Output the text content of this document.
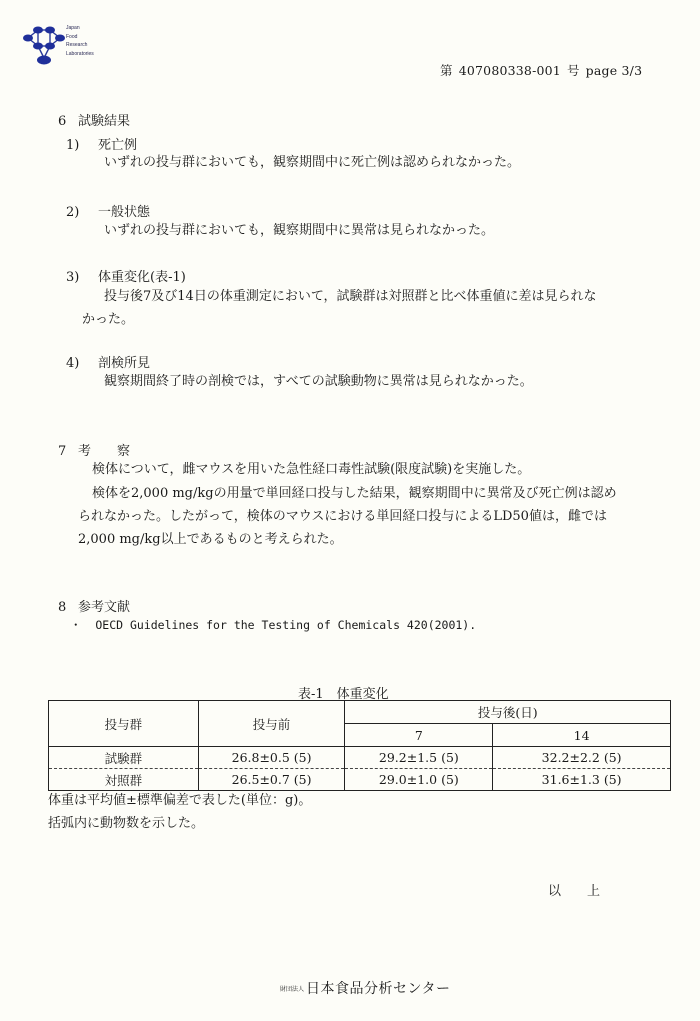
Japan
Food
Research
Laboratories
第 407080338-001 号 page 3/3
6 試験結果
1) 死亡例
いずれの投与群においても，観察期間中に死亡例は認められなかった。
2) 一般状態
いずれの投与群においても，観察期間中に異常は見られなかった。
3) 体重変化(表-1)
投与後7及び14日の体重測定において，試験群は対照群と比べ体重値に差は見られな
かった。
4) 剖検所見
観察期間終了時の剖検では，すべての試験動物に異常は見られなかった。
7 考　　察
検体について，雌マウスを用いた急性経口毒性試験(限度試験)を実施した。
検体を2,000 mg/kgの用量で単回経口投与した結果，観察期間中に異常及び死亡例は認め
られなかった。したがって，検体のマウスにおける単回経口投与によるLD50値は，雌では
2,000 mg/kg以上であるものと考えられた。
8 参考文献
・ OECD Guidelines for the Testing of Chemicals 420(2001).
表-1　体重変化
投与群	投与前	投与後(日)	
		7	14
試験群	26.8±0.5 (5)	29.2±1.5 (5)	32.2±2.2 (5)
対照群	26.5±0.7 (5)	29.0±1.0 (5)	31.6±1.3 (5)
体重は平均値±標準偏差で表した(単位：g)。
括弧内に動物数を示した。
以　　上
財団法人 日本食品分析センター
